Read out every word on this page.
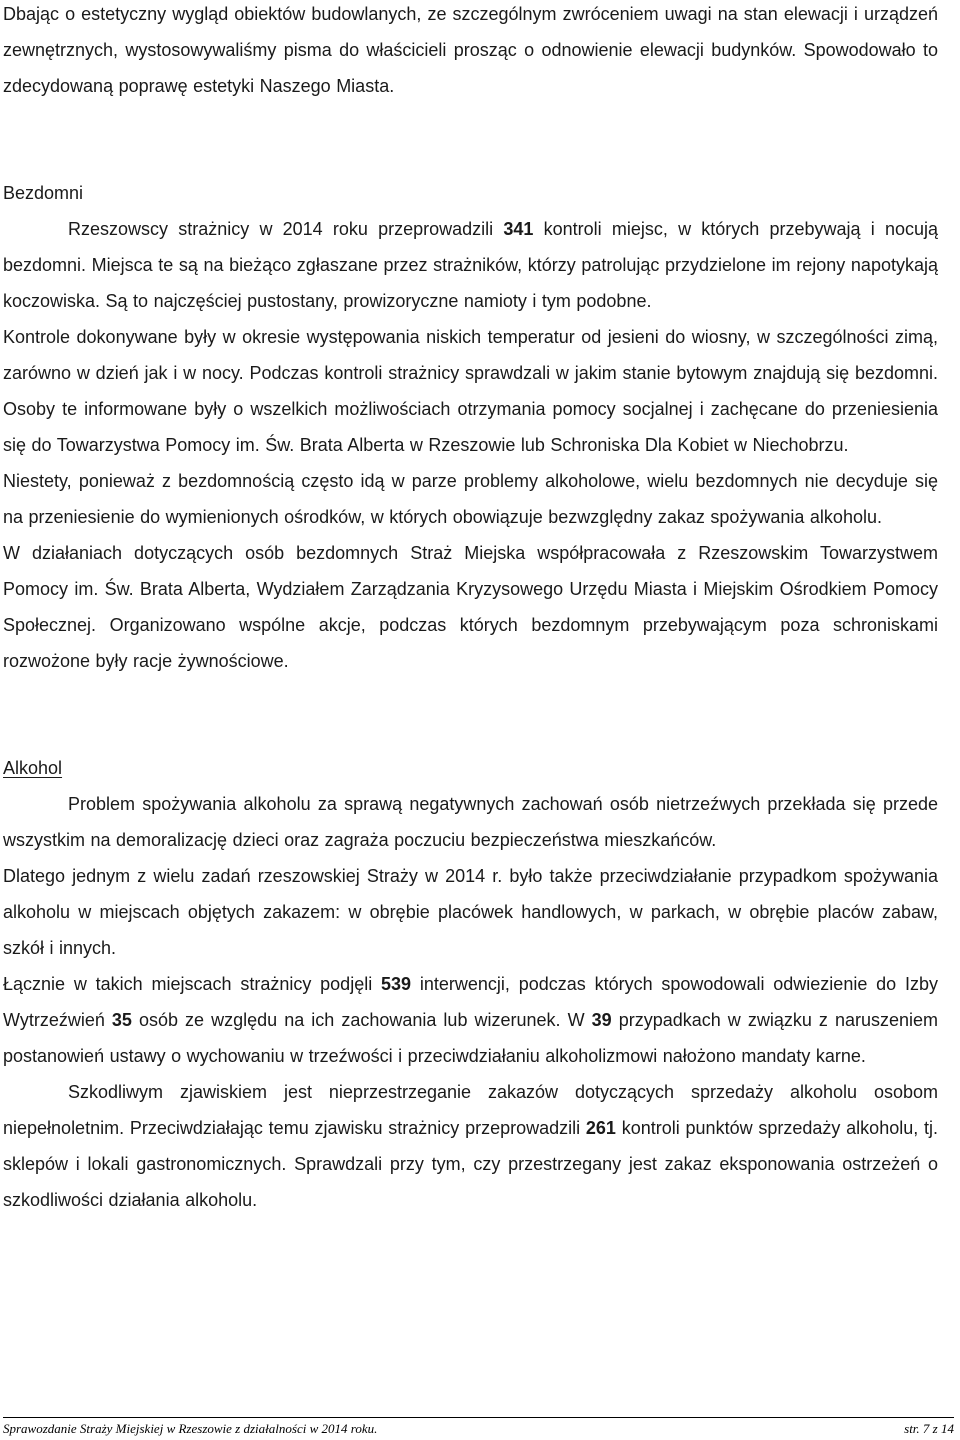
Dbając o estetyczny wygląd obiektów budowlanych, ze szczególnym zwróceniem uwagi na stan elewacji i urządzeń zewnętrznych, wystosowywaliśmy pisma do właścicieli prosząc o odnowienie elewacji budynków. Spowodowało to zdecydowaną poprawę estetyki Naszego Miasta.

Bezdomni

Rzeszowscy strażnicy w 2014 roku przeprowadzili 341 kontroli miejsc, w których przebywają i nocują bezdomni. Miejsca te są na bieżąco zgłaszane przez strażników, którzy patrolując przydzielone im rejony napotykają koczowiska. Są to najczęściej pustostany, prowizoryczne namioty i tym podobne.

Kontrole dokonywane były w okresie występowania niskich temperatur od jesieni do wiosny, w szczególności zimą, zarówno w dzień jak i w nocy. Podczas kontroli strażnicy sprawdzali w jakim stanie bytowym znajdują się bezdomni. Osoby te informowane były o wszelkich możliwościach otrzymania pomocy socjalnej i zachęcane do przeniesienia się do Towarzystwa Pomocy im. Św. Brata Alberta w Rzeszowie lub Schroniska Dla Kobiet w Niechobrzu.

Niestety, ponieważ z bezdomnością często idą w parze problemy alkoholowe, wielu bezdomnych nie decyduje się na przeniesienie do wymienionych ośrodków, w których obowiązuje bezwzględny zakaz spożywania alkoholu.

W działaniach dotyczących osób bezdomnych Straż Miejska współpracowała z Rzeszowskim Towarzystwem Pomocy im. Św. Brata Alberta, Wydziałem Zarządzania Kryzysowego Urzędu Miasta i Miejskim Ośrodkiem Pomocy Społecznej. Organizowano wspólne akcje, podczas których bezdomnym przebywającym poza schroniskami rozwożone były racje żywnościowe.

Alkohol

Problem spożywania alkoholu za sprawą negatywnych zachowań osób nietrzeźwych przekłada się przede wszystkim na demoralizację dzieci oraz zagraża poczuciu bezpieczeństwa mieszkańców.

Dlatego jednym z wielu zadań rzeszowskiej Straży w 2014 r. było także przeciwdziałanie przypadkom spożywania alkoholu w miejscach objętych zakazem: w obrębie placówek handlowych, w parkach, w obrębie placów zabaw, szkół i innych.

Łącznie w takich miejscach strażnicy podjęli 539 interwencji, podczas których spowodowali odwiezienie do Izby Wytrzeźwień 35 osób ze względu na ich zachowania lub wizerunek. W 39 przypadkach w związku z naruszeniem postanowień ustawy o wychowaniu w trzeźwości i przeciwdziałaniu alkoholizmowi nałożono mandaty karne.

Szkodliwym zjawiskiem jest nieprzestrzeganie zakazów dotyczących sprzedaży alkoholu osobom niepełnoletnim. Przeciwdziałając temu zjawisku strażnicy przeprowadzili 261 kontroli punktów sprzedaży alkoholu, tj. sklepów i lokali gastronomicznych. Sprawdzali przy tym, czy przestrzegany jest zakaz eksponowania ostrzeżeń o szkodliwości działania alkoholu.

Sprawozdanie Straży Miejskiej w Rzeszowie z działalności w 2014 roku.	str. 7 z 14
